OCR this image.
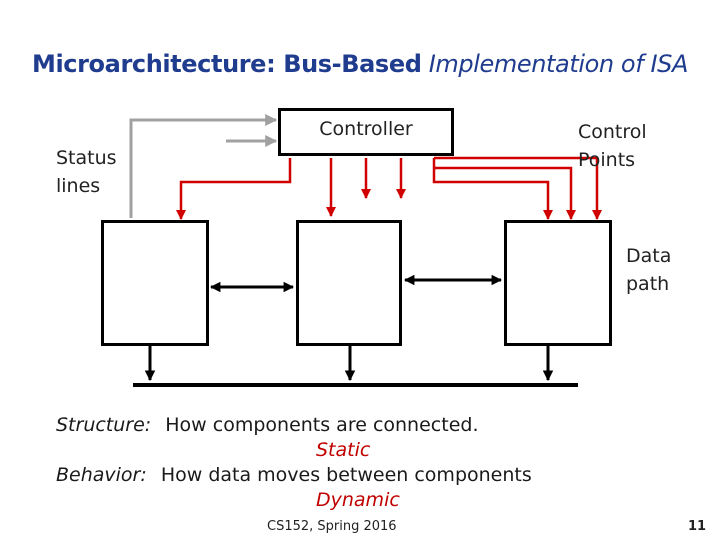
Microarchitecture: Bus-Based Implementation of ISA
Controller
Status
lines
Control
Points
Data
path
Structure: How components are connected.
Static
Behavior: How data moves between components
Dynamic
CS152, Spring 2016	11
